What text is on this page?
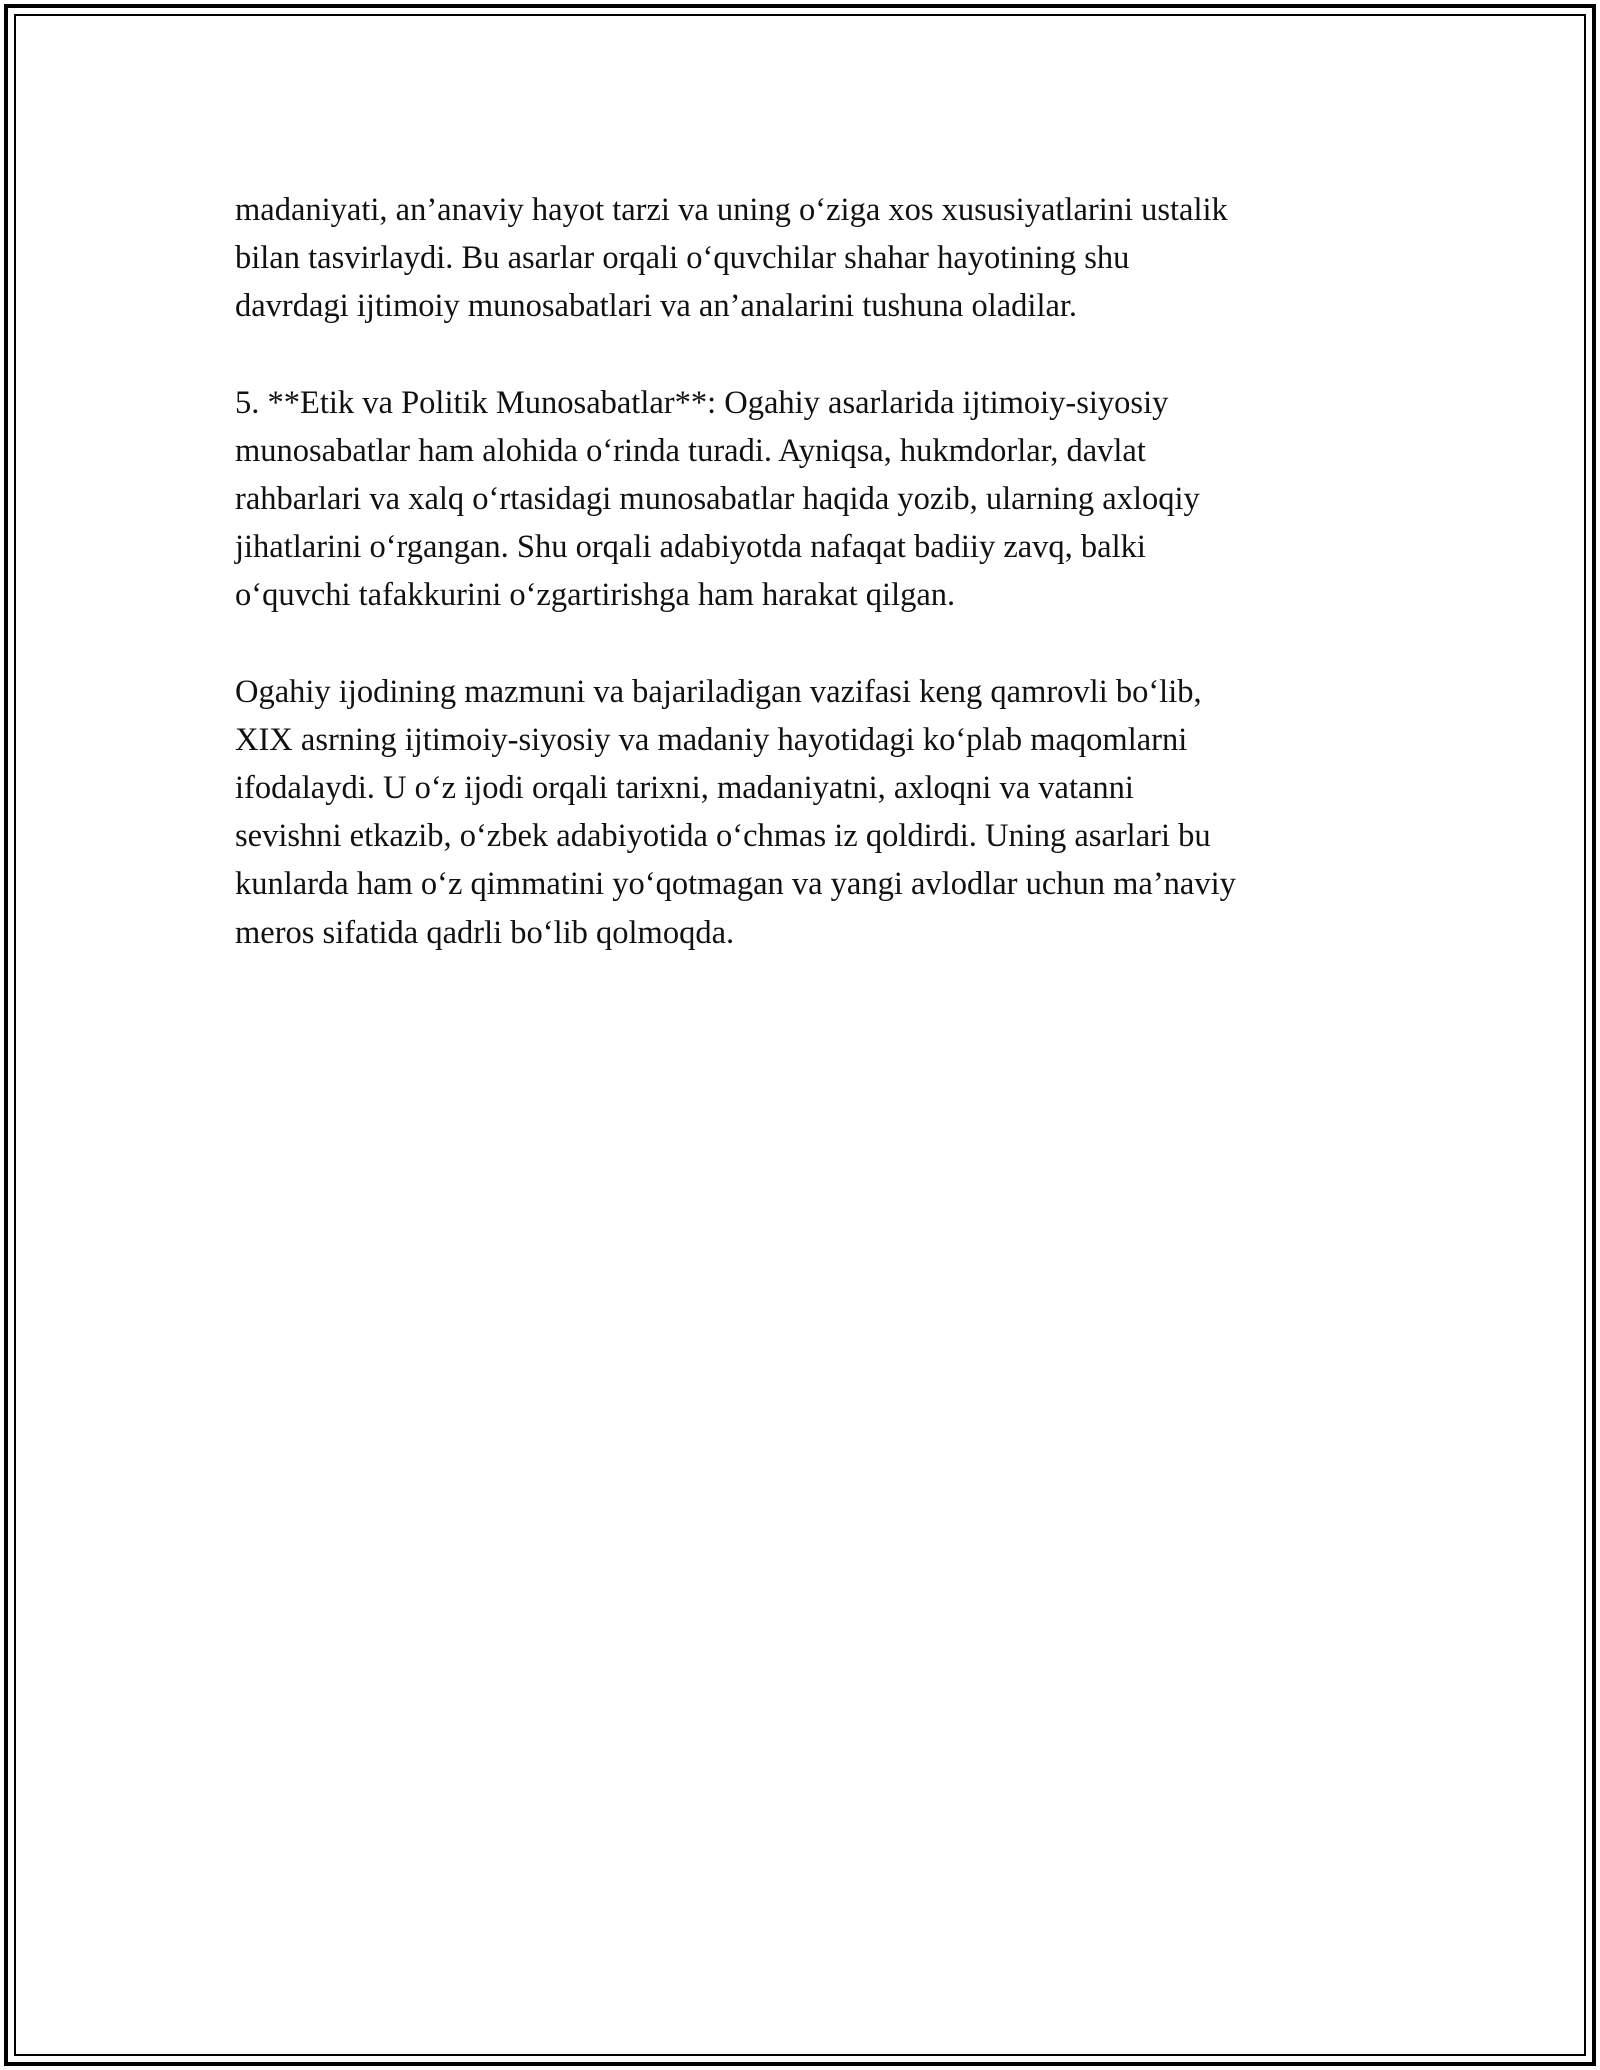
madaniyati, an’anaviy hayot tarzi va uning o‘ziga xos xususiyatlarini ustalik
bilan tasvirlaydi. Bu asarlar orqali o‘quvchilar shahar hayotining shu
davrdagi ijtimoiy munosabatlari va an’analarini tushuna oladilar.

5. **Etik va Politik Munosabatlar**: Ogahiy asarlarida ijtimoiy-siyosiy
munosabatlar ham alohida o‘rinda turadi. Ayniqsa, hukmdorlar, davlat
rahbarlari va xalq o‘rtasidagi munosabatlar haqida yozib, ularning axloqiy
jihatlarini o‘rgangan. Shu orqali adabiyotda nafaqat badiiy zavq, balki
o‘quvchi tafakkurini o‘zgartirishga ham harakat qilgan.

Ogahiy ijodining mazmuni va bajariladigan vazifasi keng qamrovli bo‘lib,
XIX asrning ijtimoiy-siyosiy va madaniy hayotidagi ko‘plab maqomlarni
ifodalaydi. U o‘z ijodi orqali tarixni, madaniyatni, axloqni va vatanni
sevishni etkazib, o‘zbek adabiyotida o‘chmas iz qoldirdi. Uning asarlari bu
kunlarda ham o‘z qimmatini yo‘qotmagan va yangi avlodlar uchun ma’naviy
meros sifatida qadrli bo‘lib qolmoqda.
